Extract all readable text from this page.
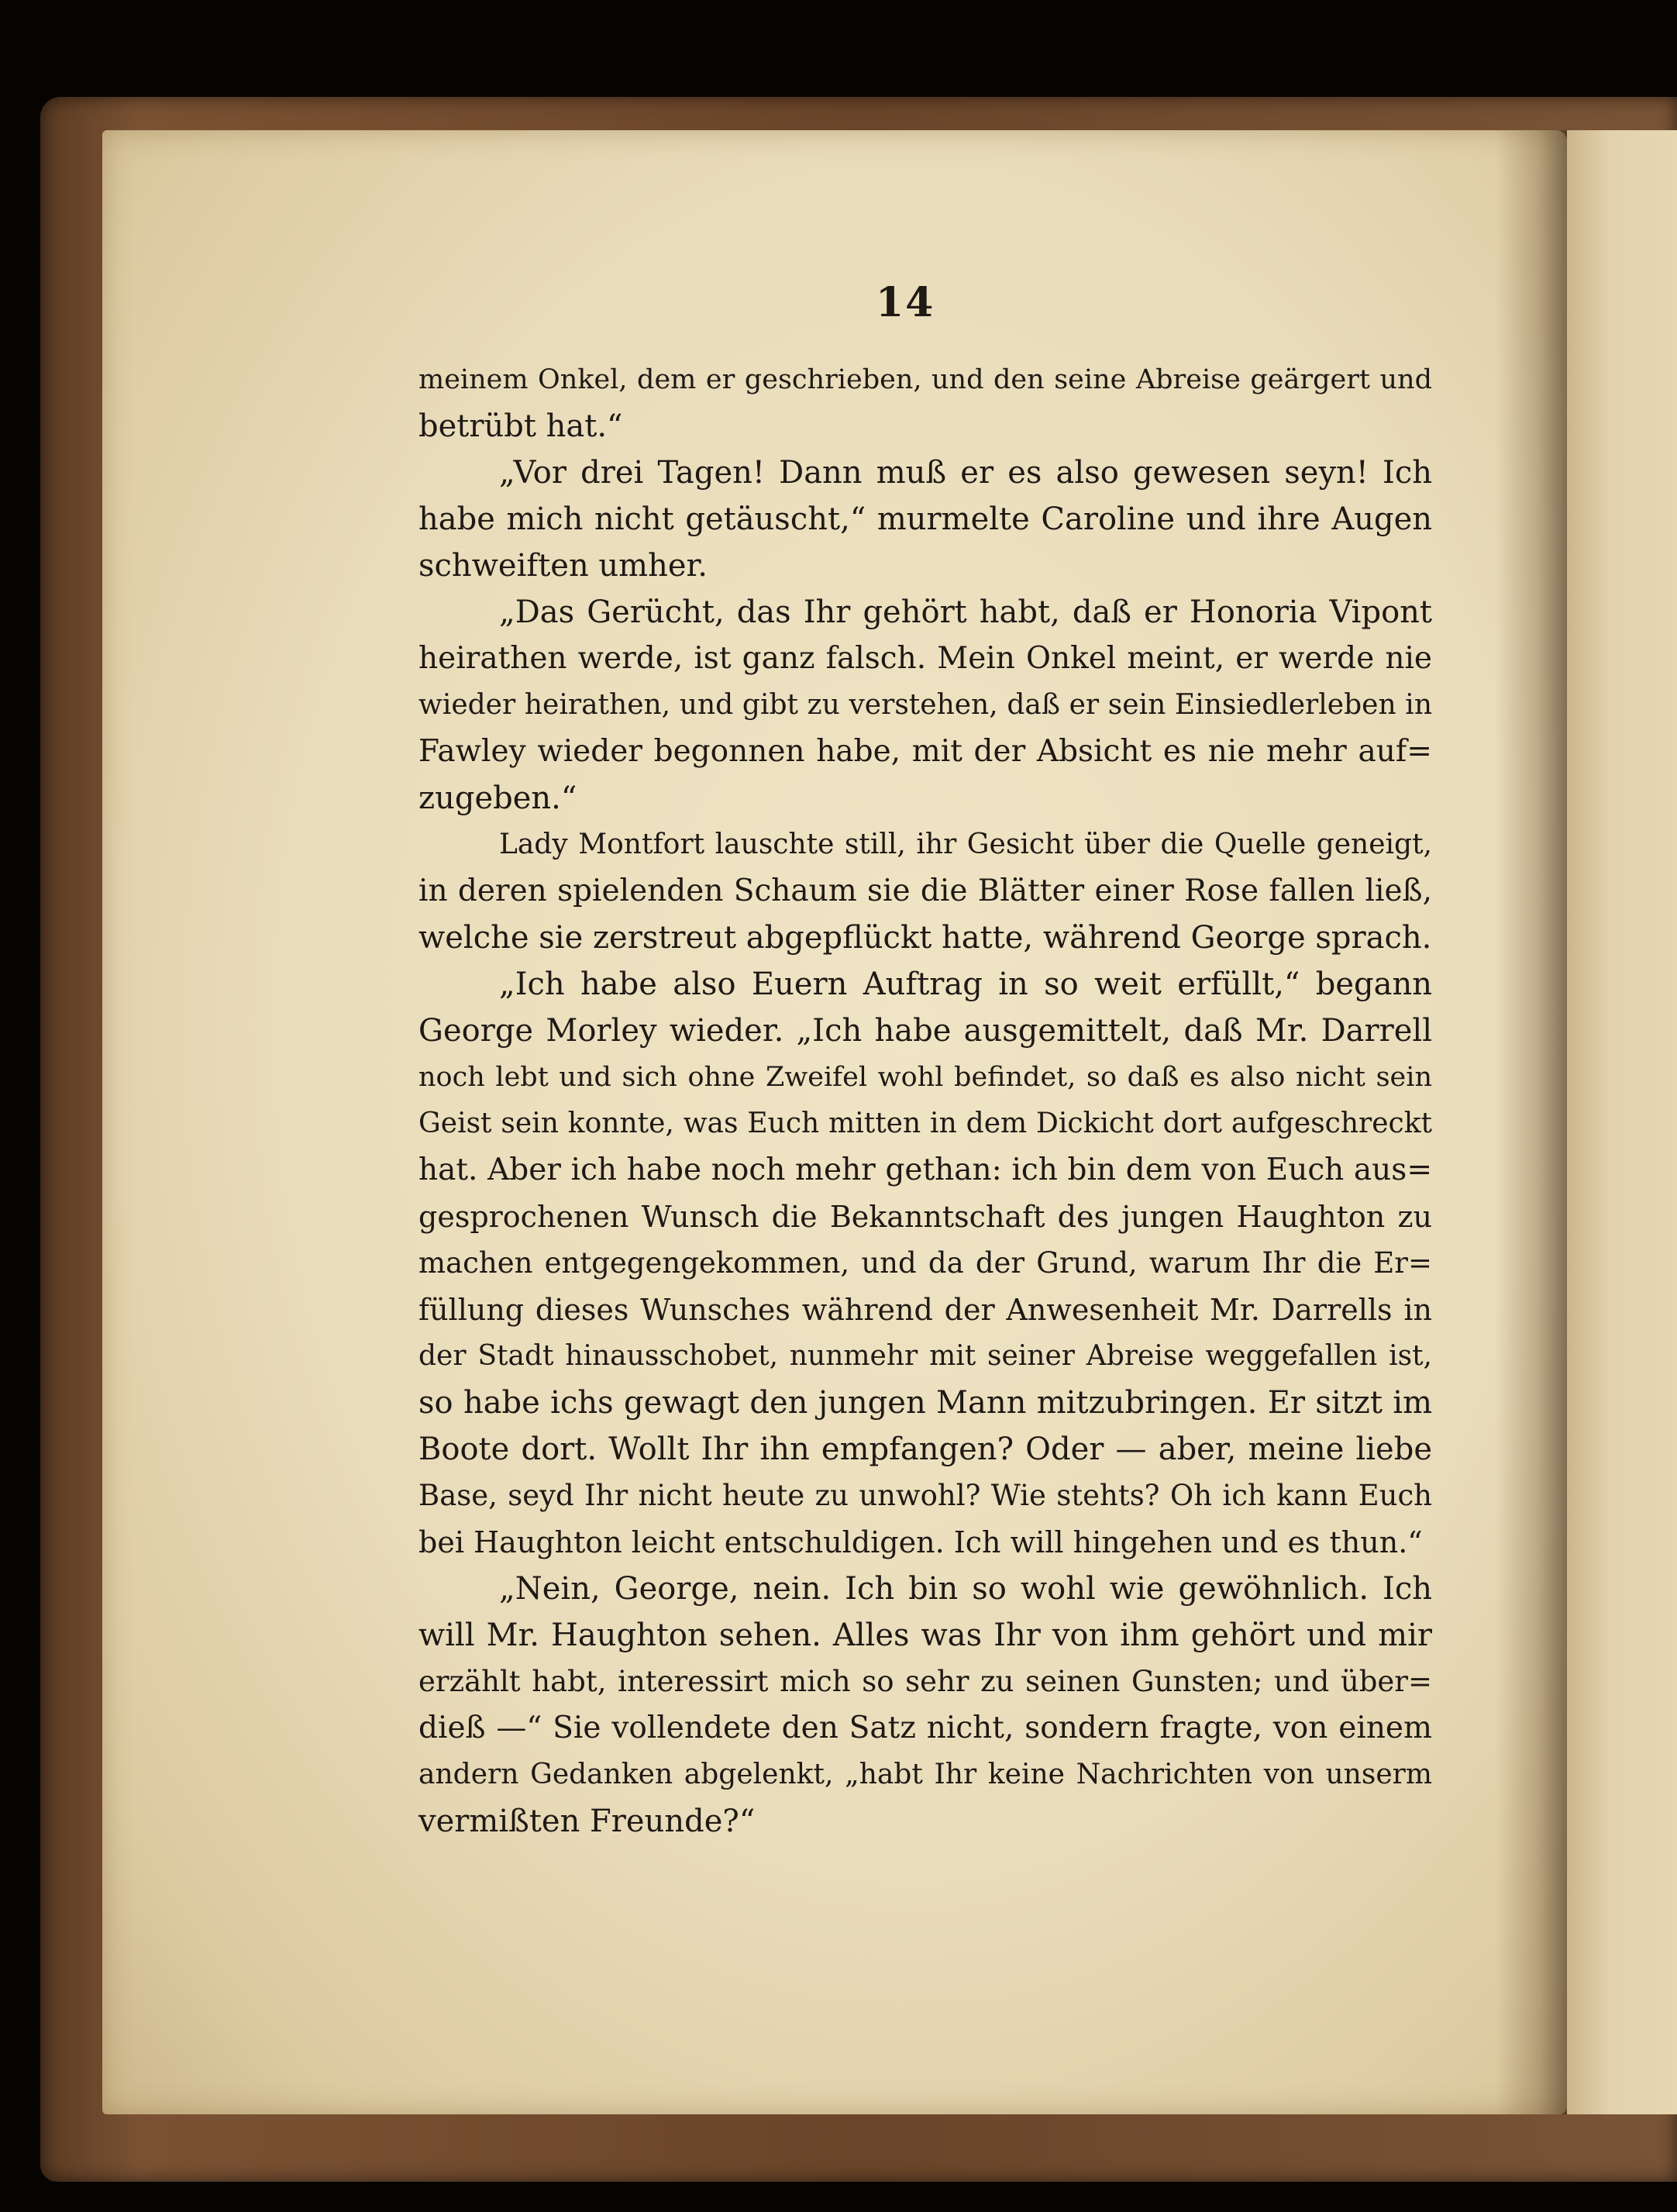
14
meinem Onkel, dem er geschrieben, und den seine Abreise geärgert und
betrübt hat.“
„Vor drei Tagen! Dann muß er es also gewesen seyn! Ich
habe mich nicht getäuscht,“ murmelte Caroline und ihre Augen
schweiften umher.
„Das Gerücht, das Ihr gehört habt, daß er Honoria Vipont
heirathen werde, ist ganz falsch. Mein Onkel meint, er werde nie
wieder heirathen, und gibt zu verstehen, daß er sein Einsiedlerleben in
Fawley wieder begonnen habe, mit der Absicht es nie mehr auf=
zugeben.“
Lady Montfort lauschte still, ihr Gesicht über die Quelle geneigt,
in deren spielenden Schaum sie die Blätter einer Rose fallen ließ,
welche sie zerstreut abgepflückt hatte, während George sprach.
„Ich habe also Euern Auftrag in so weit erfüllt,“ begann
George Morley wieder. „Ich habe ausgemittelt, daß Mr. Darrell
noch lebt und sich ohne Zweifel wohl befindet, so daß es also nicht sein
Geist sein konnte, was Euch mitten in dem Dickicht dort aufgeschreckt
hat. Aber ich habe noch mehr gethan: ich bin dem von Euch aus=
gesprochenen Wunsch die Bekanntschaft des jungen Haughton zu
machen entgegengekommen, und da der Grund, warum Ihr die Er=
füllung dieses Wunsches während der Anwesenheit Mr. Darrells in
der Stadt hinausschobet, nunmehr mit seiner Abreise weggefallen ist,
so habe ichs gewagt den jungen Mann mitzubringen. Er sitzt im
Boote dort. Wollt Ihr ihn empfangen? Oder — aber, meine liebe
Base, seyd Ihr nicht heute zu unwohl? Wie stehts? Oh ich kann Euch
bei Haughton leicht entschuldigen. Ich will hingehen und es thun.“
„Nein, George, nein. Ich bin so wohl wie gewöhnlich. Ich
will Mr. Haughton sehen. Alles was Ihr von ihm gehört und mir
erzählt habt, interessirt mich so sehr zu seinen Gunsten; und über=
dieß —“ Sie vollendete den Satz nicht, sondern fragte, von einem
andern Gedanken abgelenkt, „habt Ihr keine Nachrichten von unserm
vermißten Freunde?“
